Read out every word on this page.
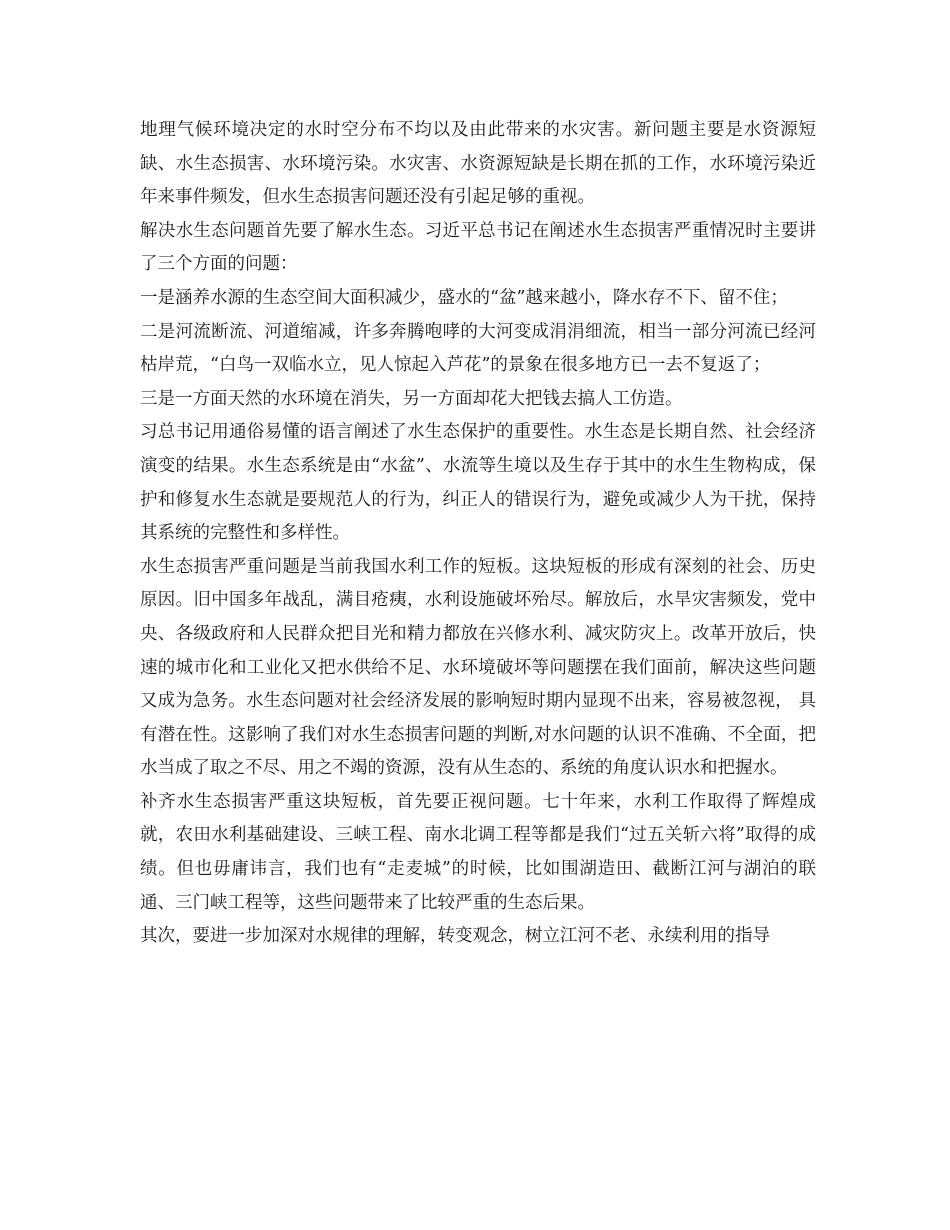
地理气候环境决定的水时空分布不均以及由此带来的水灾害。新问题主要是水资源短缺、水生态损害、水环境污染。水灾害、水资源短缺是长期在抓的工作，水环境污染近年来事件频发，但水生态损害问题还没有引起足够的重视。

解决水生态问题首先要了解水生态。习近平总书记在阐述水生态损害严重情况时主要讲了三个方面的问题：

一是涵养水源的生态空间大面积减少，盛水的“盆”越来越小，降水存不下、留不住；

二是河流断流、河道缩减，许多奔腾咆哮的大河变成涓涓细流，相当一部分河流已经河枯岸荒，“白鸟一双临水立，见人惊起入芦花”的景象在很多地方已一去不复返了；

三是一方面天然的水环境在消失，另一方面却花大把钱去搞人工仿造。

习总书记用通俗易懂的语言阐述了水生态保护的重要性。水生态是长期自然、社会经济演变的结果。水生态系统是由“水盆”、水流等生境以及生存于其中的水生生物构成，保护和修复水生态就是要规范人的行为，纠正人的错误行为，避免或减少人为干扰，保持其系统的完整性和多样性。

水生态损害严重问题是当前我国水利工作的短板。这块短板的形成有深刻的社会、历史原因。旧中国多年战乱，满目疮痍，水利设施破坏殆尽。解放后，水旱灾害频发，党中央、各级政府和人民群众把目光和精力都放在兴修水利、减灾防灾上。改革开放后，快速的城市化和工业化又把水供给不足、水环境破坏等问题摆在我们面前，解决这些问题又成为急务。水生态问题对社会经济发展的影响短时期内显现不出来，容易被忽视， 具有潜在性。这影响了我们对水生态损害问题的判断,对水问题的认识不准确、不全面，把水当成了取之不尽、用之不竭的资源，没有从生态的、系统的角度认识水和把握水。

补齐水生态损害严重这块短板，首先要正视问题。七十年来，水利工作取得了辉煌成就，农田水利基础建设、三峡工程、南水北调工程等都是我们“过五关斩六将”取得的成绩。但也毋庸讳言，我们也有“走麦城”的时候，比如围湖造田、截断江河与湖泊的联通、三门峡工程等，这些问题带来了比较严重的生态后果。

其次，要进一步加深对水规律的理解，转变观念，树立江河不老、永续利用的指导
